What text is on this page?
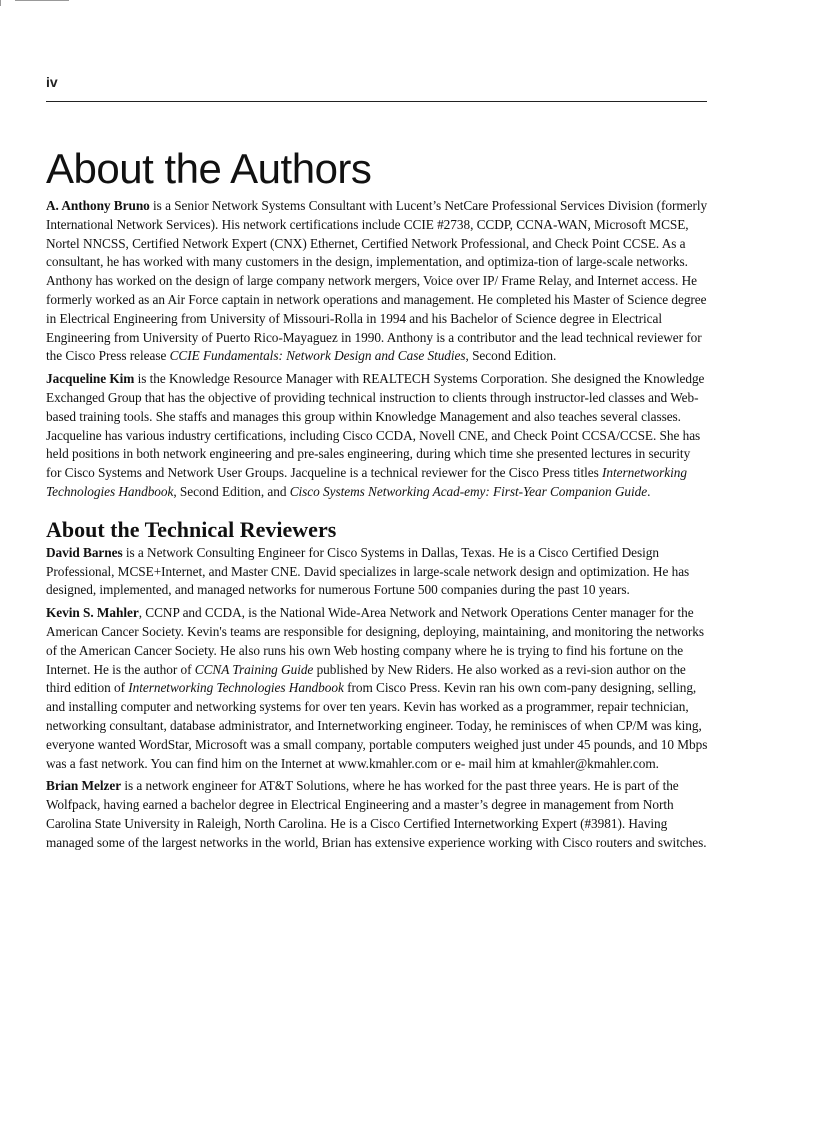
iv
About the Authors

A. Anthony Bruno is a Senior Network Systems Consultant with Lucent’s NetCare Professional Services Division (formerly International Network Services). His network certifications include CCIE #2738, CCDP, CCNA-WAN, Microsoft MCSE, Nortel NNCSS, Certified Network Expert (CNX) Ethernet, Certified Network Professional, and Check Point CCSE. As a consultant, he has worked with many customers in the design, implementation, and optimiza-tion of large-scale networks. Anthony has worked on the design of large company network mergers, Voice over IP/ Frame Relay, and Internet access. He formerly worked as an Air Force captain in network operations and management. He completed his Master of Science degree in Electrical Engineering from University of Missouri-Rolla in 1994 and his Bachelor of Science degree in Electrical Engineering from University of Puerto Rico-Mayaguez in 1990. Anthony is a contributor and the lead technical reviewer for the Cisco Press release CCIE Fundamentals: Network Design and Case Studies, Second Edition.

Jacqueline Kim is the Knowledge Resource Manager with REALTECH Systems Corporation. She designed the Knowledge Exchanged Group that has the objective of providing technical instruction to clients through instructor-led classes and Web-based training tools. She staffs and manages this group within Knowledge Management and also teaches several classes. Jacqueline has various industry certifications, including Cisco CCDA, Novell CNE, and Check Point CCSA/CCSE. She has held positions in both network engineering and pre-sales engineering, during which time she presented lectures in security for Cisco Systems and Network User Groups. Jacqueline is a technical reviewer for the Cisco Press titles Internetworking Technologies Handbook, Second Edition, and Cisco Systems Networking Acad-emy: First-Year Companion Guide.

About the Technical Reviewers

David Barnes is a Network Consulting Engineer for Cisco Systems in Dallas, Texas. He is a Cisco Certified Design Professional, MCSE+Internet, and Master CNE. David specializes in large-scale network design and optimization. He has designed, implemented, and managed networks for numerous Fortune 500 companies during the past 10 years.

Kevin S. Mahler, CCNP and CCDA, is the National Wide-Area Network and Network Operations Center manager for the American Cancer Society. Kevin's teams are responsible for designing, deploying, maintaining, and monitoring the networks of the American Cancer Society. He also runs his own Web hosting company where he is trying to find his fortune on the Internet. He is the author of CCNA Training Guide published by New Riders. He also worked as a revi-sion author on the third edition of Internetworking Technologies Handbook from Cisco Press. Kevin ran his own com-pany designing, selling, and installing computer and networking systems for over ten years. Kevin has worked as a programmer, repair technician, networking consultant, database administrator, and Internetworking engineer. Today, he reminisces of when CP/M was king, everyone wanted WordStar, Microsoft was a small company, portable computers weighed just under 45 pounds, and 10 Mbps was a fast network. You can find him on the Internet at www.kmahler.com or e- mail him at kmahler@kmahler.com.

Brian Melzer is a network engineer for AT&T Solutions, where he has worked for the past three years. He is part of the Wolfpack, having earned a bachelor degree in Electrical Engineering and a master’s degree in management from North Carolina State University in Raleigh, North Carolina. He is a Cisco Certified Internetworking Expert (#3981). Having managed some of the largest networks in the world, Brian has extensive experience working with Cisco routers and switches.
